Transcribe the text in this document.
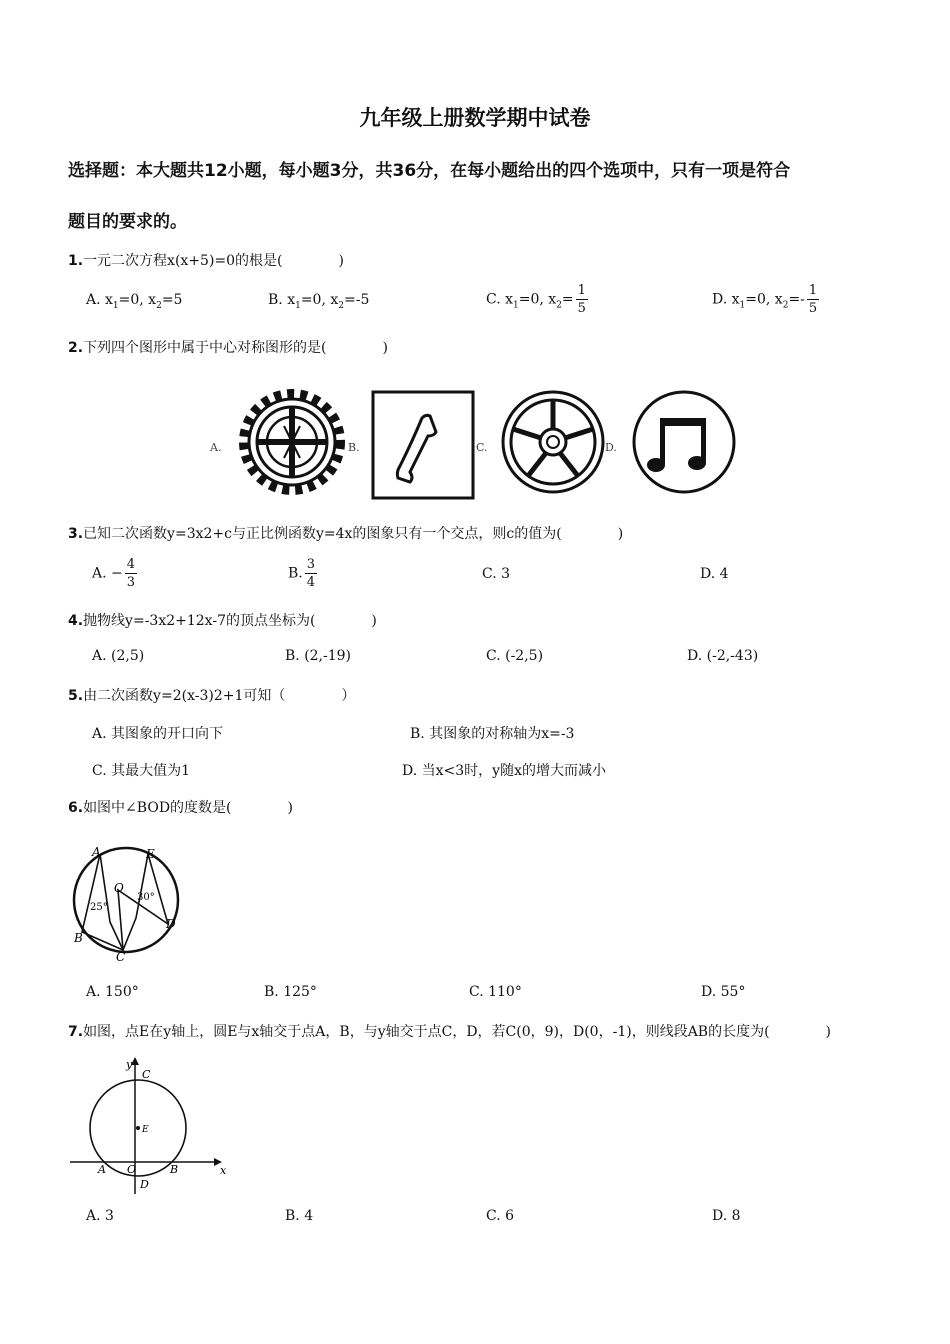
九年级上册数学期中试卷
选择题：本大题共12小题，每小题3分，共36分，在每小题给出的四个选项中，只有一项是符合
题目的要求的。
1.一元二次方程x(x+5)=0的根是(　　　　)
A. $x_1=0$, $x_2=5$	B. $x_1=0$, $x_2=-5$	C. $x_1=0$, $x_2= \frac{1}{5}$	D. $x_1=0$, $x_2=- \frac{1}{5}$
2.下列四个图形中属于中心对称图形的是(　　　　)
A.	B.	C.	D.
3.已知二次函数y=3x2+c与正比例函数y=4x的图象只有一个交点，则c的值为(　　　　)
A. − $\frac{4}{3}$	B. $\frac{3}{4}$	C. 3	D. 4
4.抛物线y=-3x2+12x-7的顶点坐标为(　　　　)
A. (2,5)	B. (2,-19)	C. (-2,5)	D. (-2,-43)
5.由二次函数y=2(x-3)2+1可知（　　　　）
A. 其图象的开口向下	B. 其图象的对称轴为x=-3
C. 其最大值为1	D. 当x<3时，y随x的增大而减小
6.如图中∠BOD的度数是(　　　　)
A	E
O
B
C
D
25°
30°
A. 150°	B. 125°	C. 110°	D. 55°
7.如图，点E在y轴上，圆E与x轴交于点A，B，与y轴交于点C，D，若C(0，9)，D(0，-1)，则线段AB的长度为(　　　　)
y
x
C
E
A O	B
D
A. 3	B. 4	C. 6	D. 8
